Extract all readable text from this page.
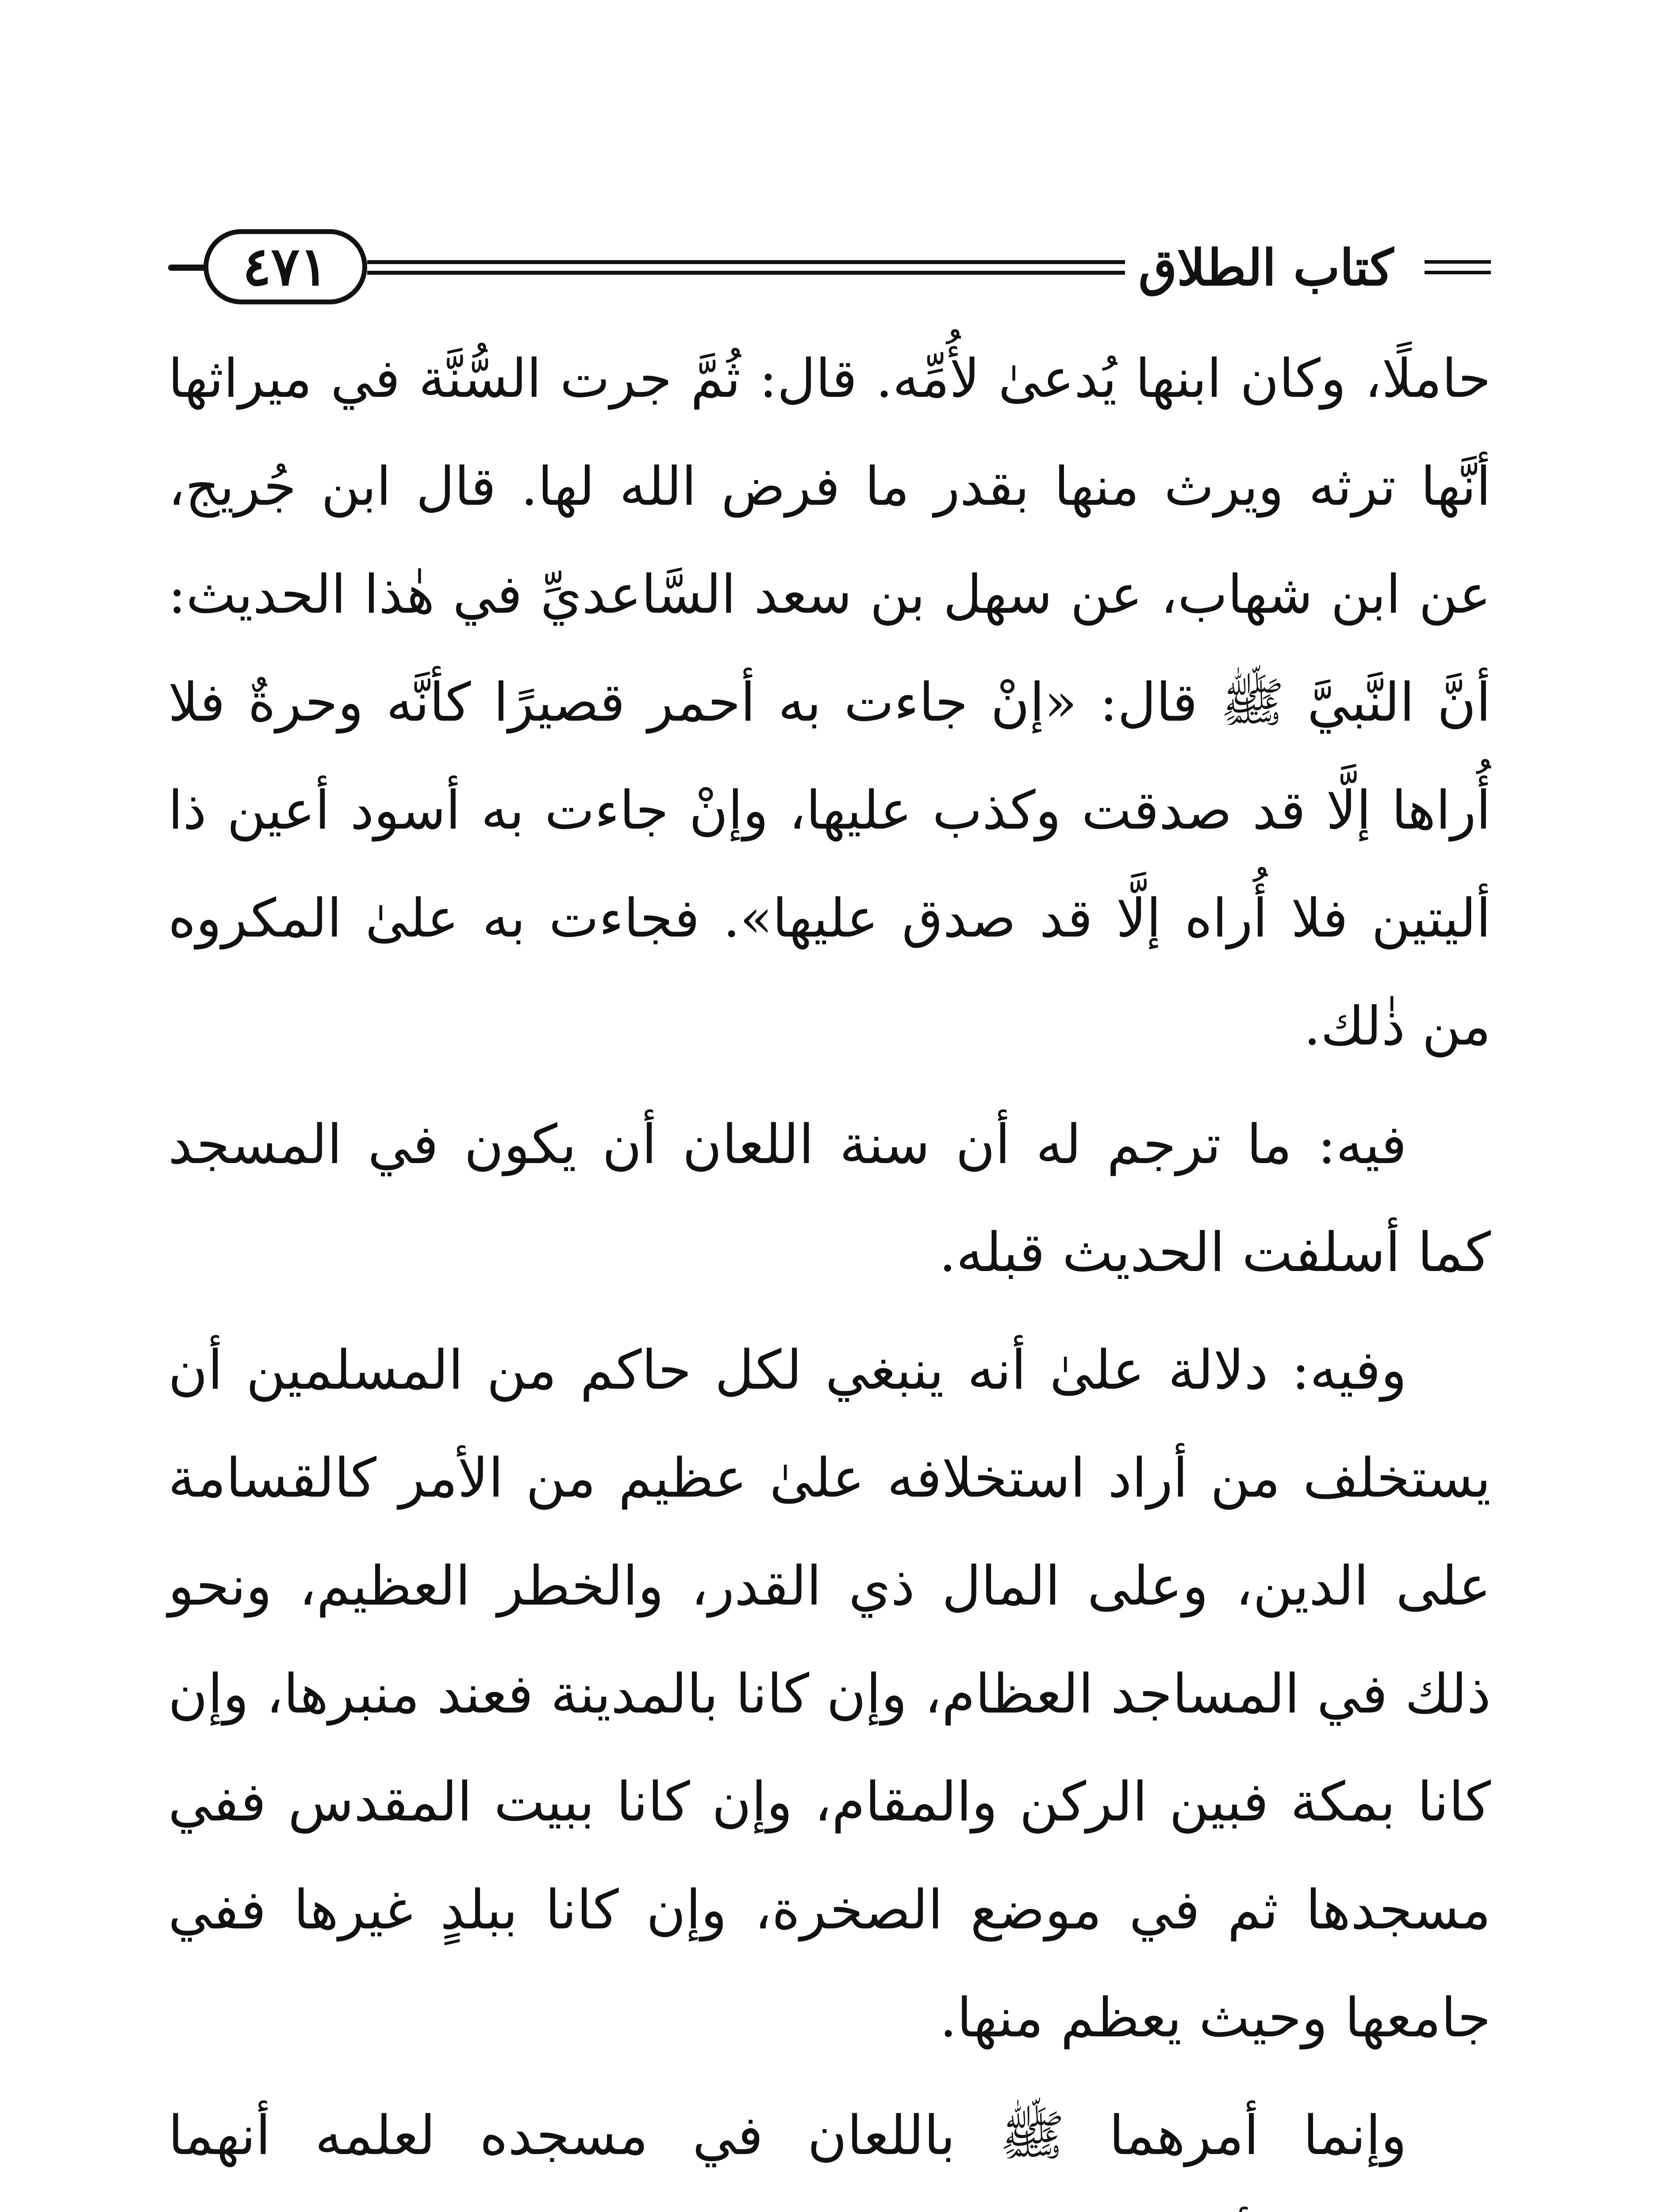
٤٧١	كتاب الطلاق

حاملًا، وكان ابنها يُدعىٰ لأُمِّه. قال: ثُمَّ جرت السُّنَّة في ميراثها أنَّها ترثه ويرث منها بقدر ما فرض الله لها. قال ابن جُريج، عن ابن شهاب، عن سهل بن سعد السَّاعديِّ في هٰذا الحديث: أنَّ النَّبيَّ ﷺ قال: «إنْ جاءت به أحمر قصيرًا كأنَّه وحرةٌ فلا أُراها إلَّا قد صدقت وكذب عليها، وإنْ جاءت به أسود أعين ذا أليتين فلا أُراه إلَّا قد صدق عليها». فجاءت به علىٰ المكروه من ذٰلك.

فيه: ما ترجم له أن سنة اللعان أن يكون في المسجد كما أسلفت الحديث قبله.

وفيه: دلالة علىٰ أنه ينبغي لكل حاكم من المسلمين أن يستخلف من أراد استخلافه علىٰ عظيم من الأمر كالقسامة على الدين، وعلى المال ذي القدر، والخطر العظيم، ونحو ذلك في المساجد العظام، وإن كانا بالمدينة فعند منبرها، وإن كانا بمكة فبين الركن والمقام، وإن كانا ببيت المقدس ففي مسجدها ثم في موضع الصخرة، وإن كانا ببلدٍ غيرها ففي جامعها وحيث يعظم منها.

وإنما أمرهما ﷺ باللعان في مسجده لعلمه أنهما
